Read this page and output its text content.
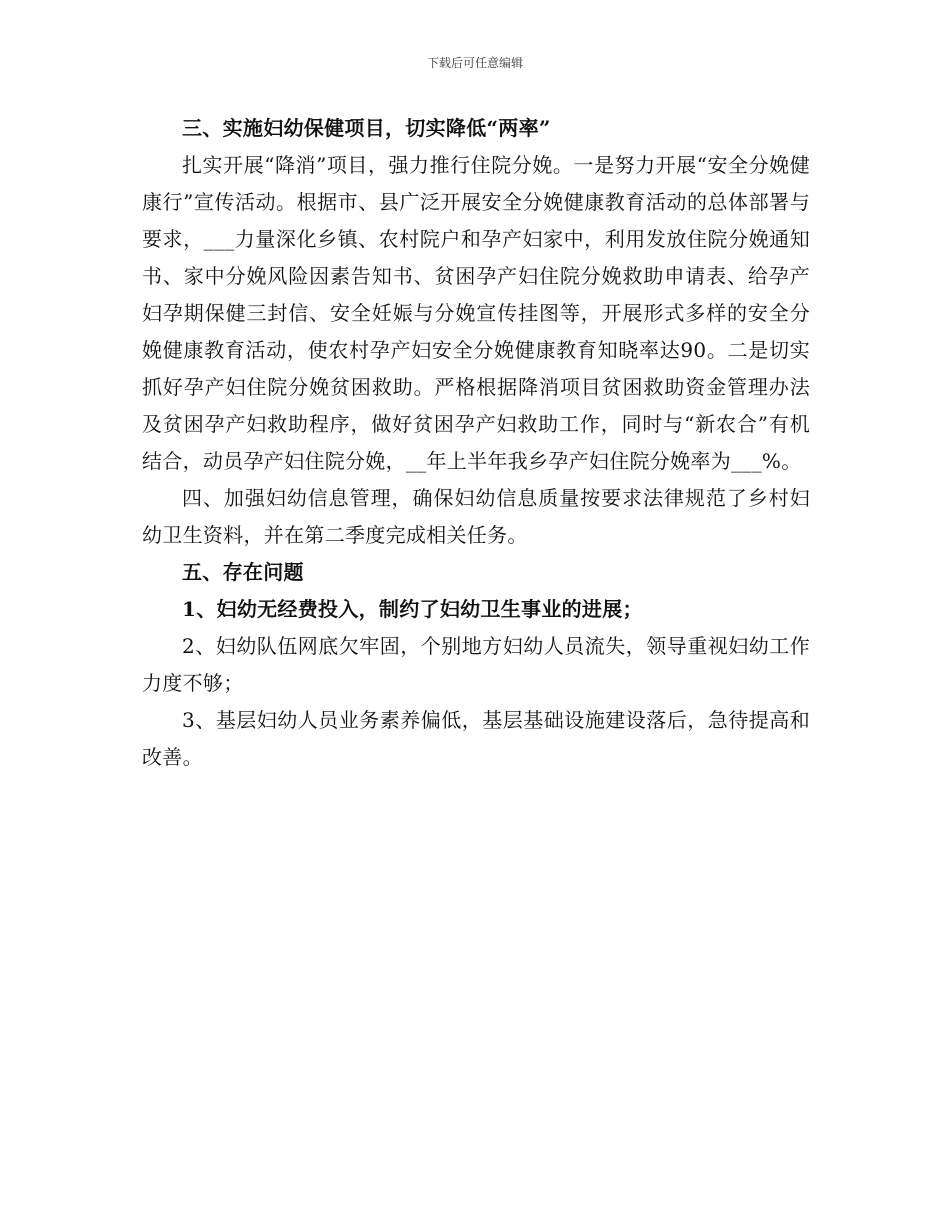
下载后可任意编辑

三、实施妇幼保健项目，切实降低“两率”

扎实开展“降消”项目，强力推行住院分娩。一是努力开展“安全分娩健康行”宣传活动。根据市、县广泛开展安全分娩健康教育活动的总体部署与要求，___力量深化乡镇、农村院户和孕产妇家中，利用发放住院分娩通知书、家中分娩风险因素告知书、贫困孕产妇住院分娩救助申请表、给孕产妇孕期保健三封信、安全妊娠与分娩宣传挂图等，开展形式多样的安全分娩健康教育活动，使农村孕产妇安全分娩健康教育知晓率达90。二是切实抓好孕产妇住院分娩贫困救助。严格根据降消项目贫困救助资金管理办法及贫困孕产妇救助程序，做好贫困孕产妇救助工作，同时与“新农合”有机结合，动员孕产妇住院分娩，__年上半年我乡孕产妇住院分娩率为___%。

四、加强妇幼信息管理，确保妇幼信息质量按要求法律规范了乡村妇幼卫生资料，并在第二季度完成相关任务。

五、存在问题

1、妇幼无经费投入，制约了妇幼卫生事业的进展；

2、妇幼队伍网底欠牢固，个别地方妇幼人员流失，领导重视妇幼工作力度不够；

3、基层妇幼人员业务素养偏低，基层基础设施建设落后，急待提高和改善。
